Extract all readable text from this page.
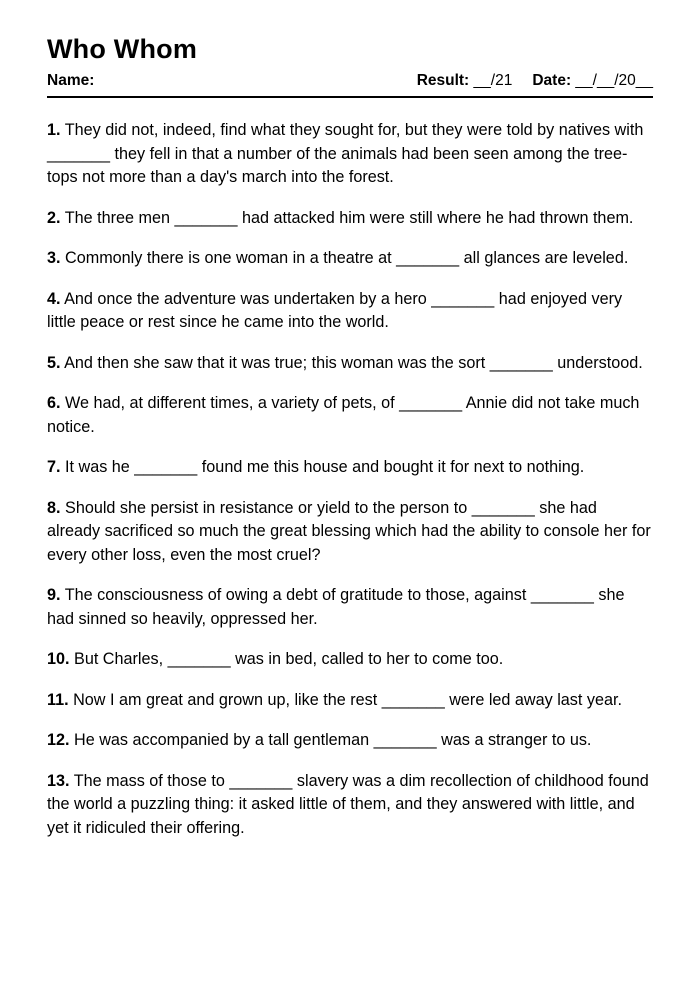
Who Whom
Name:	Result: __/21 Date: __/__/20__

1. They did not, indeed, find what they sought for, but they were told by natives with _______ they fell in that a number of the animals had been seen among the tree-tops not more than a day's march into the forest.

2. The three men _______ had attacked him were still where he had thrown them.

3. Commonly there is one woman in a theatre at _______ all glances are leveled.

4. And once the adventure was undertaken by a hero _______ had enjoyed very little peace or rest since he came into the world.

5. And then she saw that it was true; this woman was the sort _______ understood.

6. We had, at different times, a variety of pets, of _______ Annie did not take much notice.

7. It was he _______ found me this house and bought it for next to nothing.

8. Should she persist in resistance or yield to the person to _______ she had already sacrificed so much the great blessing which had the ability to console her for every other loss, even the most cruel?

9. The consciousness of owing a debt of gratitude to those, against _______ she had sinned so heavily, oppressed her.

10. But Charles, _______ was in bed, called to her to come too.

11. Now I am great and grown up, like the rest _______ were led away last year.

12. He was accompanied by a tall gentleman _______ was a stranger to us.

13. The mass of those to _______ slavery was a dim recollection of childhood found the world a puzzling thing: it asked little of them, and they answered with little, and yet it ridiculed their offering.
